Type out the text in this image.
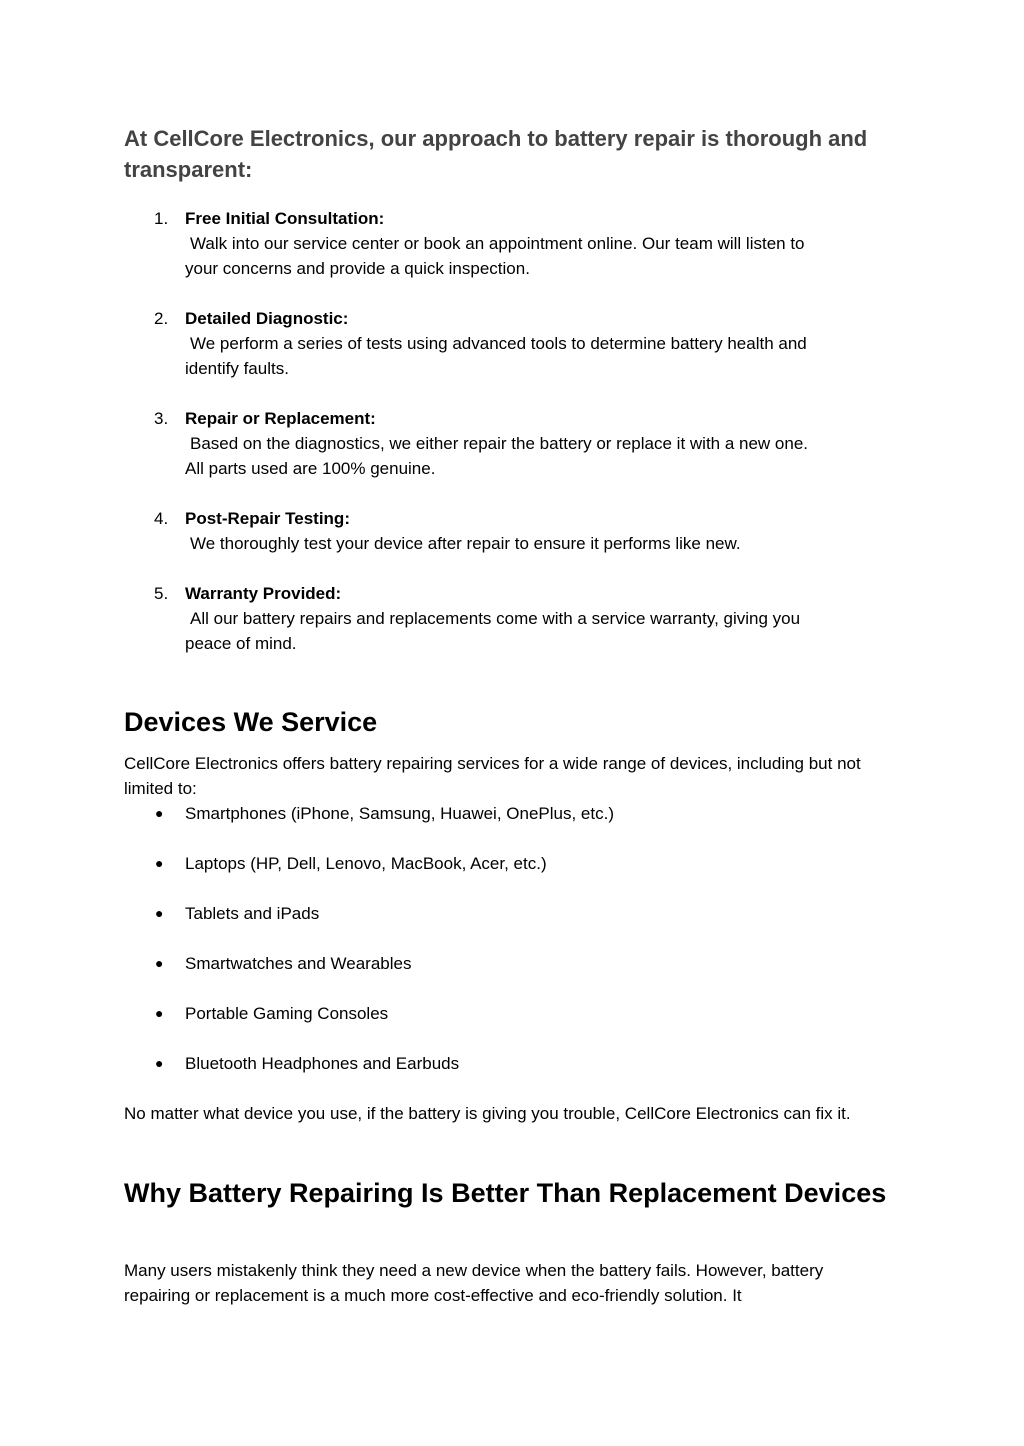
At CellCore Electronics, our approach to battery repair is thorough and transparent:
1. Free Initial Consultation:
Walk into our service center or book an appointment online. Our team will listen to
your concerns and provide a quick inspection.
2. Detailed Diagnostic:
We perform a series of tests using advanced tools to determine battery health and
identify faults.
3. Repair or Replacement:
Based on the diagnostics, we either repair the battery or replace it with a new one.
All parts used are 100% genuine.
4. Post-Repair Testing:
We thoroughly test your device after repair to ensure it performs like new.
5. Warranty Provided:
All our battery repairs and replacements come with a service warranty, giving you
peace of mind.
Devices We Service

CellCore Electronics offers battery repairing services for a wide range of devices, including but not limited to:

● Smartphones (iPhone, Samsung, Huawei, OnePlus, etc.)
● Laptops (HP, Dell, Lenovo, MacBook, Acer, etc.)
● Tablets and iPads
● Smartwatches and Wearables
● Portable Gaming Consoles
● Bluetooth Headphones and Earbuds

No matter what device you use, if the battery is giving you trouble, CellCore Electronics can fix it.

Why Battery Repairing Is Better Than Replacement Devices

Many users mistakenly think they need a new device when the battery fails. However, battery repairing or replacement is a much more cost-effective and eco-friendly solution. It
